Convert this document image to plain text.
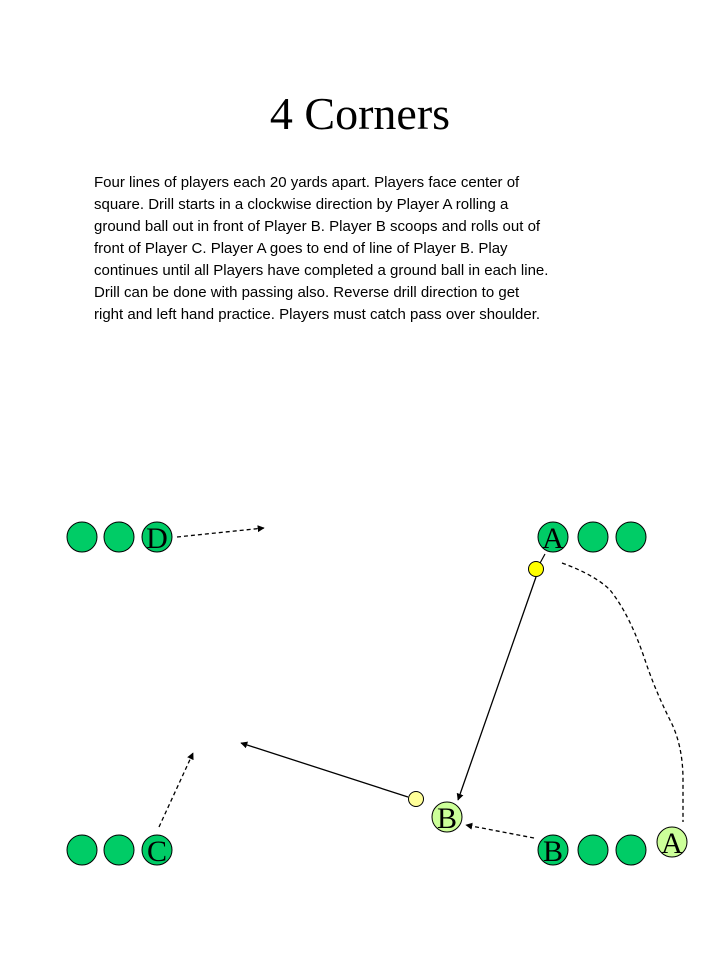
4 Corners

Four lines of players each 20 yards apart. Players face center of

square. Drill starts in a clockwise direction by Player A rolling a

ground ball out in front of Player B. Player B scoops and rolls out of

front of Player C. Player A goes to end of line of Player B. Play

continues until all Players have completed a ground ball in each line.

Drill can be done with passing also. Reverse drill direction to get

right and left hand practice. Players must catch pass over shoulder.

D	A
C	B
B
A
